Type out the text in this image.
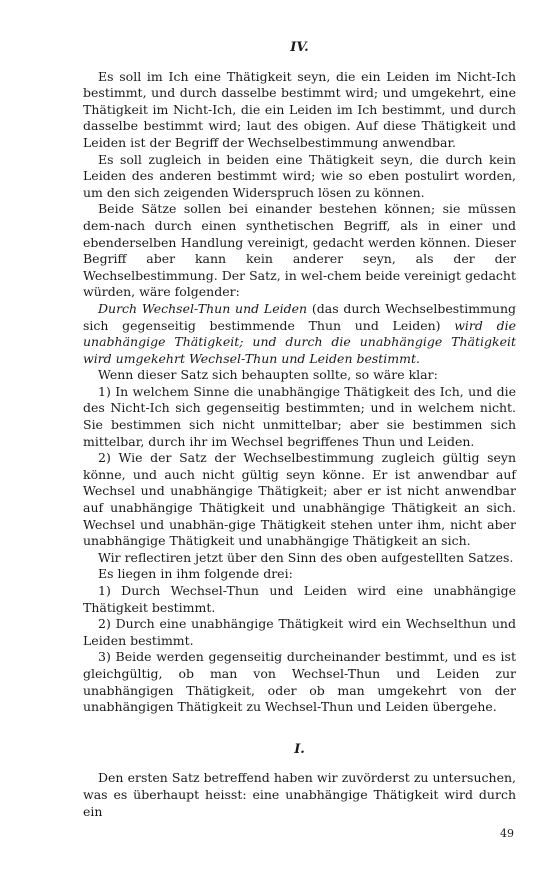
IV.

Es soll im Ich eine Thätigkeit seyn, die ein Leiden im Nicht-Ich bestimmt, und durch dasselbe bestimmt wird; und umgekehrt, eine Thätigkeit im Nicht-Ich, die ein Leiden im Ich bestimmt, und durch dasselbe bestimmt wird; laut des obigen. Auf diese Thätigkeit und Leiden ist der Begriff der Wechselbestimmung anwendbar.

Es soll zugleich in beiden eine Thätigkeit seyn, die durch kein Leiden des anderen bestimmt wird; wie so eben postulirt worden, um den sich zeigenden Widerspruch lösen zu können.

Beide Sätze sollen bei einander bestehen können; sie müssen dem-nach durch einen synthetischen Begriff, als in einer und ebenderselben Handlung vereinigt, gedacht werden können. Dieser Begriff aber kann kein anderer seyn, als der der Wechselbestimmung. Der Satz, in wel-chem beide vereinigt gedacht würden, wäre folgender:

Durch Wechsel-Thun und Leiden (das durch Wechselbestimmung sich gegenseitig bestimmende Thun und Leiden) wird die unabhängige Thätigkeit; und durch die unabhängige Thätigkeit wird umgekehrt Wechsel-Thun und Leiden bestimmt.

Wenn dieser Satz sich behaupten sollte, so wäre klar:

1) In welchem Sinne die unabhängige Thätigkeit des Ich, und die des Nicht-Ich sich gegenseitig bestimmten; und in welchem nicht. Sie bestimmen sich nicht unmittelbar; aber sie bestimmen sich mittelbar, durch ihr im Wechsel begriffenes Thun und Leiden.

2) Wie der Satz der Wechselbestimmung zugleich gültig seyn könne, und auch nicht gültig seyn könne. Er ist anwendbar auf Wechsel und unabhängige Thätigkeit; aber er ist nicht anwendbar auf unabhängige Thätigkeit und unabhängige Thätigkeit an sich. Wechsel und unabhän-gige Thätigkeit stehen unter ihm, nicht aber unabhängige Thätigkeit und unabhängige Thätigkeit an sich.

Wir reflectiren jetzt über den Sinn des oben aufgestellten Satzes.

Es liegen in ihm folgende drei:

1) Durch Wechsel-Thun und Leiden wird eine unabhängige Thätigkeit bestimmt.

2) Durch eine unabhängige Thätigkeit wird ein Wechselthun und Leiden bestimmt.

3) Beide werden gegenseitig durcheinander bestimmt, und es ist gleichgültig, ob man von Wechsel-Thun und Leiden zur unabhängigen Thätigkeit, oder ob man umgekehrt von der unabhängigen Thätigkeit zu Wechsel-Thun und Leiden übergehe.

I.

Den ersten Satz betreffend haben wir zuvörderst zu untersuchen, was es überhaupt heisst: eine unabhängige Thätigkeit wird durch ein

49
